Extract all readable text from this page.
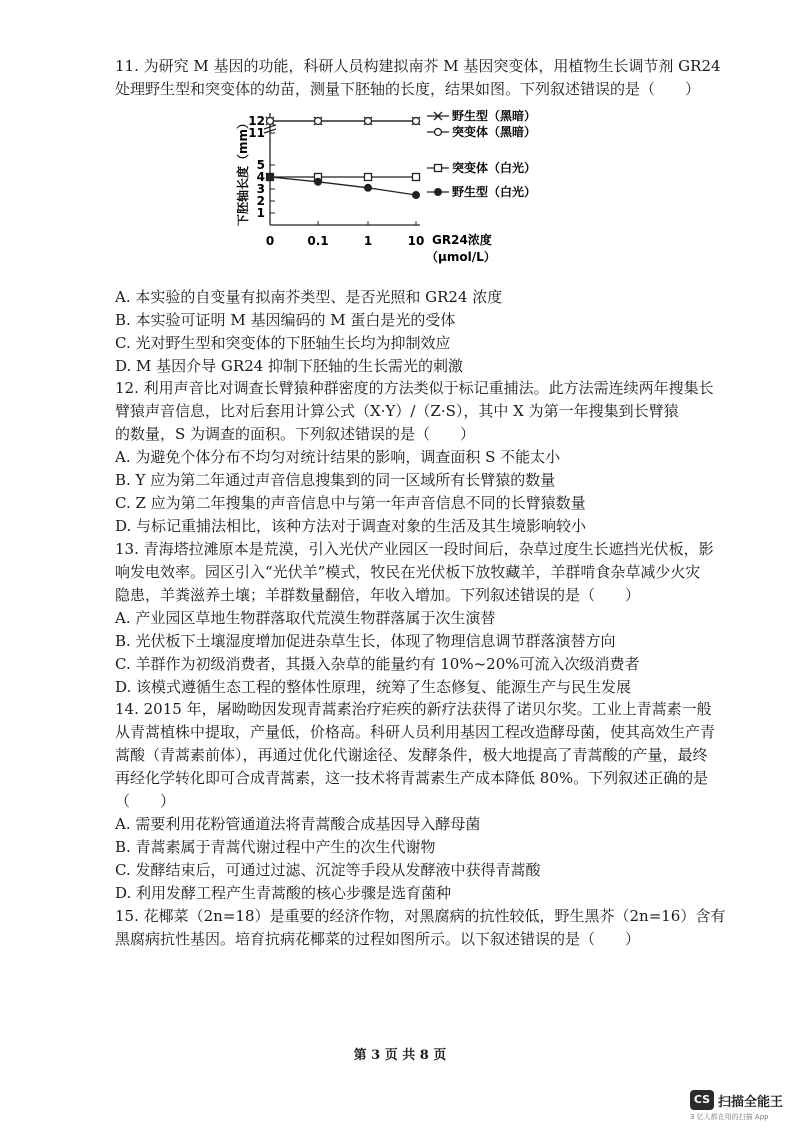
11. 为研究 M 基因的功能，科研人员构建拟南芥 M 基因突变体，用植物生长调节剂 GR24
处理野生型和突变体的幼苗，测量下胚轴的长度，结果如图。下列叙述错误的是（　　）
A. 本实验的自变量有拟南芥类型、是否光照和 GR24 浓度
B. 本实验可证明 M 基因编码的 M 蛋白是光的受体
C. 光对野生型和突变体的下胚轴生长均为抑制效应
D. M 基因介导 GR24 抑制下胚轴的生长需光的刺激
12. 利用声音比对调查长臂猿种群密度的方法类似于标记重捕法。此方法需连续两年搜集长
臂猿声音信息，比对后套用计算公式（X·Y）/（Z·S），其中 X 为第一年搜集到长臂猿
的数量，S 为调查的面积。下列叙述错误的是（　　）
A. 为避免个体分布不均匀对统计结果的影响，调查面积 S 不能太小
B. Y 应为第二年通过声音信息搜集到的同一区域所有长臂猿的数量
C. Z 应为第二年搜集的声音信息中与第一年声音信息不同的长臂猿数量
D. 与标记重捕法相比，该种方法对于调查对象的生活及其生境影响较小
13. 青海塔拉滩原本是荒漠，引入光伏产业园区一段时间后，杂草过度生长遮挡光伏板，影
响发电效率。园区引入“光伏羊”模式，牧民在光伏板下放牧藏羊，羊群啃食杂草减少火灾
隐患，羊粪滋养土壤；羊群数量翻倍，年收入增加。下列叙述错误的是（　　）
A. 产业园区草地生物群落取代荒漠生物群落属于次生演替
B. 光伏板下土壤湿度增加促进杂草生长，体现了物理信息调节群落演替方向
C. 羊群作为初级消费者，其摄入杂草的能量约有 10%~20%可流入次级消费者
D. 该模式遵循生态工程的整体性原理，统筹了生态修复、能源生产与民生发展
14. 2015 年，屠呦呦因发现青蒿素治疗疟疾的新疗法获得了诺贝尔奖。工业上青蒿素一般
从青蒿植株中提取，产量低，价格高。科研人员利用基因工程改造酵母菌，使其高效生产青
蒿酸（青蒿素前体），再通过优化代谢途径、发酵条件，极大地提高了青蒿酸的产量，最终
再经化学转化即可合成青蒿素，这一技术将青蒿素生产成本降低 80%。下列叙述正确的是
（　　）
A. 需要利用花粉管通道法将青蒿酸合成基因导入酵母菌
B. 青蒿素属于青蒿代谢过程中产生的次生代谢物
C. 发酵结束后，可通过过滤、沉淀等手段从发酵液中获得青蒿酸
D. 利用发酵工程产生青蒿酸的核心步骤是选育菌种
15. 花椰菜（2n=18）是重要的经济作物，对黑腐病的抗性较低，野生黑芥（2n=16）含有
黑腐病抗性基因。培育抗病花椰菜的过程如图所示。以下叙述错误的是（　　）
下胚轴长度（mm）
GR24浓度
（μmol/L）
1
2
3
4
5
11
12
0	0.1	1	10
野生型（黑暗）
突变体（黑暗）
突变体（白光）
野生型（白光）
第 3 页 共 8 页
CS 扫描全能王
3 亿人都在用的扫描 App
